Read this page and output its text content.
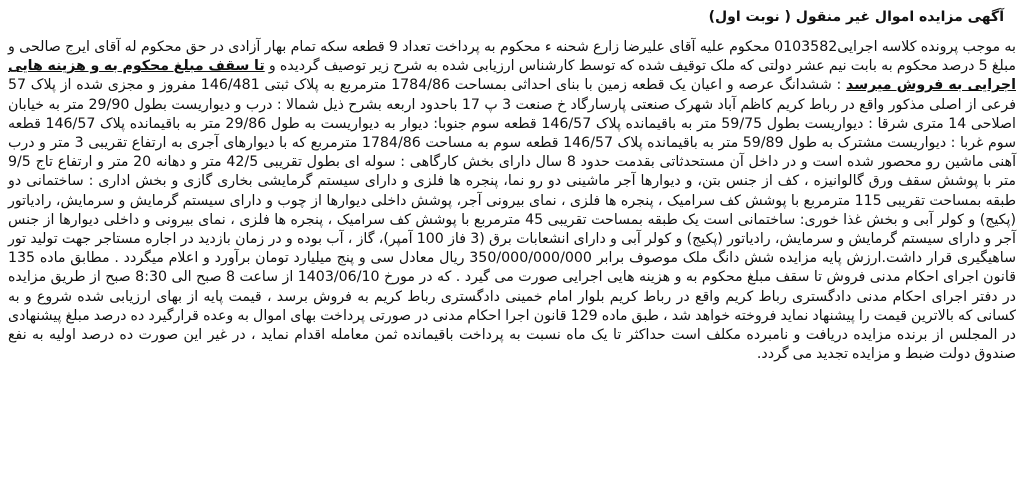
آگهی مزایده اموال غیر منقول ( نوبت اول)

به موجب پرونده کلاسه اجرایی0103582 محکوم علیه آقای علیرضا زارع شحنه ء محکوم به پرداخت تعداد 9 قطعه سکه تمام بهار آزادی در حق محکوم له آقای ایرج صالحی و مبلغ 5 درصد محکوم به بابت نیم عشر دولتی که ملک توقیف شده که توسط کارشناس ارزیابی شده به شرح زیر توصیف گردیده و تا سقف مبلغ محکوم به و هزینه هایی اجرایی به فروش میرسد : ششدانگ عرصه و اعیان یک قطعه زمین با بنای احداثی بمساحت 1784/86 مترمربع به پلاک ثبتی 146/481 مفروز و مجزی شده از پلاک 57 فرعی از اصلی مذکور واقع در رباط کریم کاظم آباد شهرک صنعتی پارسارگاد خ صنعت 3 پ 17 باحدود اربعه بشرح ذیل شمالا : درب و دیواریست بطول 29/90 متر به خیابان اصلاحی 14 متری شرقا : دیواریست بطول 59/75 متر به باقیمانده پلاک 146/57 قطعه سوم جنوبا: دیوار به دیواریست به طول 29/86 متر به باقیمانده پلاک 146/57 قطعه سوم غربا : دیواریست مشترک به طول 59/89 متر به باقیمانده پلاک 146/57 قطعه سوم به مساحت 1784/86 مترمربع که با دیوارهای آجری به ارتفاع تقریبی 3 متر و درب آهنی ماشین رو محصور شده است و در داخل آن مستحدثاتی بقدمت حدود 8 سال دارای بخش کارگاهی : سوله ای بطول تقریبی 42/5 متر و دهانه 20 متر و ارتفاع تاج 9/5 متر با پوشش سقف ورق گالوانیزه ، کف از جنس بتن، و دیوارها آجر ماشینی دو رو نما، پنجره ها فلزی و دارای سیستم گرمایشی بخاری گازی و بخش اداری : ساختمانی دو طبقه بمساحت تقریبی 115 مترمربع با پوشش کف سرامیک ، پنجره ها فلزی ، نمای بیرونی آجر، پوشش داخلی دیوارها از چوب و دارای سیستم گرمایش و سرمایش، رادیاتور (پکیج) و کولر آبی و بخش غذا خوری: ساختمانی است یک طبقه بمساحت تقریبی 45 مترمربع با پوشش کف سرامیک ، پنجره ها فلزی ، نمای بیرونی و داخلی دیوارها از جنس آجر و دارای سیستم گرمایش و سرمایش، رادیاتور (پکیج) و کولر آبی و دارای انشعابات برق (3 فاز 100 آمپر)، گاز ، آب بوده و در زمان بازدید در اجاره مستاجر جهت تولید تور ساهیگیری قرار داشت.ارزش پایه مزایده شش دانگ ملک موصوف برابر 350/000/000/000 ریال معادل سی و پنج میلیارد تومان برآورد و اعلام میگردد . مطابق ماده 135 قانون اجرای احکام مدنی فروش تا سقف مبلغ محکوم به و هزینه هایی اجرایی صورت می گیرد . که در مورخ 1403/06/10 از ساعت 8 صبح الی 8:30 صبح از طریق مزایده در دفتر اجرای احکام مدنی دادگستری رباط کریم واقع در رباط کریم بلوار امام خمینی دادگستری رباط کریم به فروش برسد ، قیمت پایه از بهای ارزیابی شده شروع و به کسانی که بالاترین قیمت را پیشنهاد نماید فروخته خواهد شد ، طبق ماده 129 قانون اجرا احکام مدنی در صورتی پرداخت بهای اموال به وعده قرارگیرد ده درصد مبلغ پیشنهادی در المجلس از برنده مزایده دریافت و نامبرده مکلف است حداکثر تا یک ماه نسبت به پرداخت باقیمانده ثمن معامله اقدام نماید ، در غیر این صورت ده درصد اولیه به نفع صندوق دولت ضبط و مزایده تجدید می گردد.
